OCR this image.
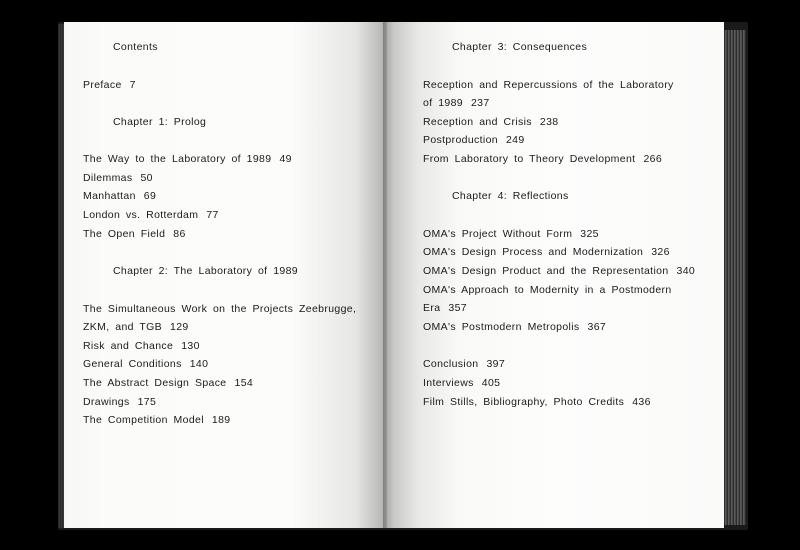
Contents

Preface 7

Chapter 1: Prolog

The Way to the Laboratory of 1989 49

Dilemmas 50

Manhattan 69

London vs. Rotterdam 77

The Open Field 86

Chapter 2: The Laboratory of 1989

The Simultaneous Work on the Projects Zeebrugge,

ZKM, and TGB 129

Risk and Chance 130

General Conditions 140

The Abstract Design Space 154

Drawings 175

The Competition Model 189

Chapter 3: Consequences

Reception and Repercussions of the Laboratory

of 1989 237

Reception and Crisis 238

Postproduction 249

From Laboratory to Theory Development 266

Chapter 4: Reflections

OMA's Project Without Form 325

OMA's Design Process and Modernization 326

OMA's Design Product and the Representation 340

OMA's Approach to Modernity in a Postmodern

Era 357

OMA's Postmodern Metropolis 367

Conclusion 397

Interviews 405

Film Stills, Bibliography, Photo Credits 436
